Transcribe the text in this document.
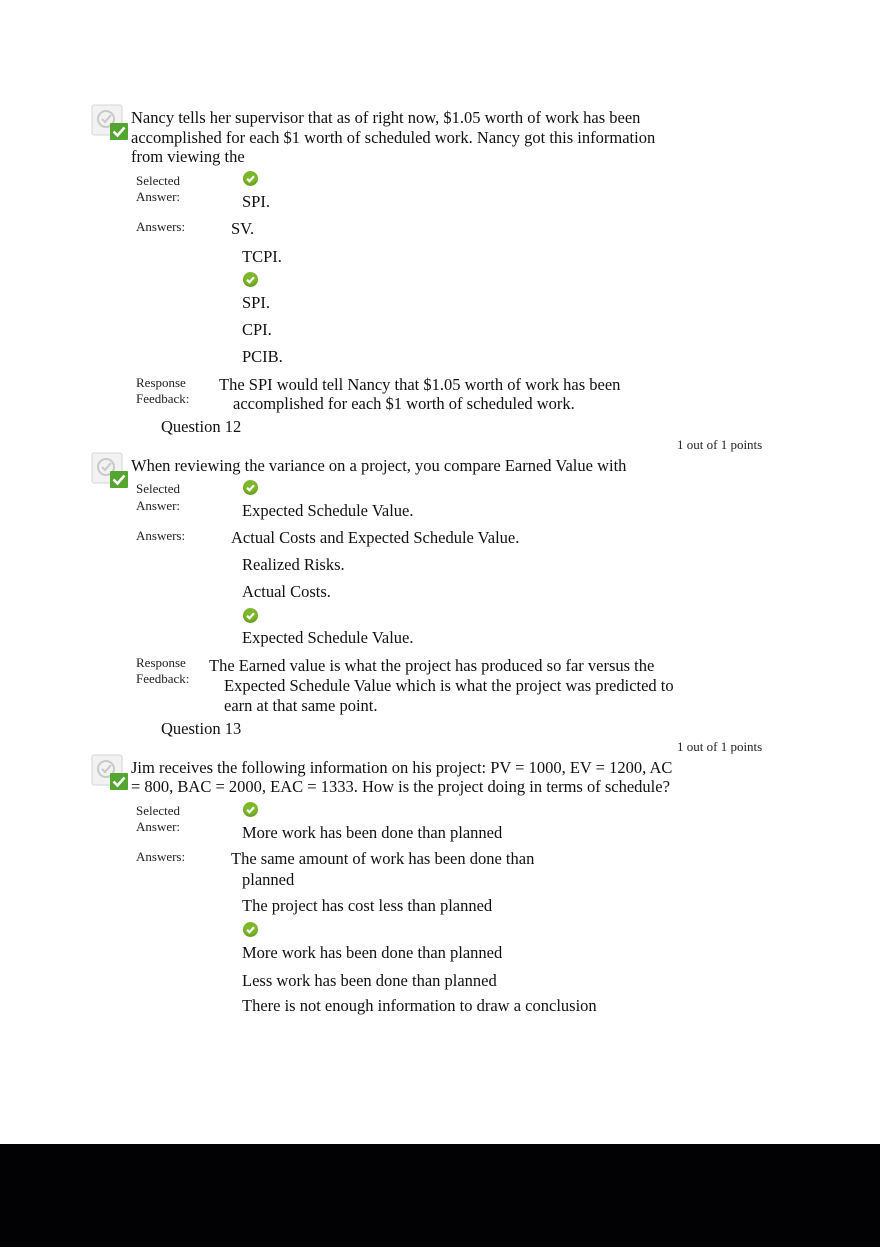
Nancy tells her supervisor that as of right now, $1.05 worth of work has been
accomplished for each $1 worth of scheduled work. Nancy got this information
from viewing the
Selected
Answer:	SPI.
Answers:	SV.
TCPI.
SPI.
CPI.
PCIB.
Response
Feedback:
The SPI would tell Nancy that $1.05 worth of work has been
accomplished for each $1 worth of scheduled work.
Question 12
1 out of 1 points
When reviewing the variance on a project, you compare Earned Value with
Selected
Answer:	Expected Schedule Value.
Answers:	Actual Costs and Expected Schedule Value.
Realized Risks.
Actual Costs.
Expected Schedule Value.
Response
Feedback:
The Earned value is what the project has produced so far versus the
Expected Schedule Value which is what the project was predicted to
earn at that same point.
Question 13
1 out of 1 points
Jim receives the following information on his project: PV = 1000, EV = 1200, AC
= 800, BAC = 2000, EAC = 1333. How is the project doing in terms of schedule?
Selected
Answer:	More work has been done than planned
Answers:	The same amount of work has been done than
planned
The project has cost less than planned
More work has been done than planned
Less work has been done than planned
There is not enough information to draw a conclusion
